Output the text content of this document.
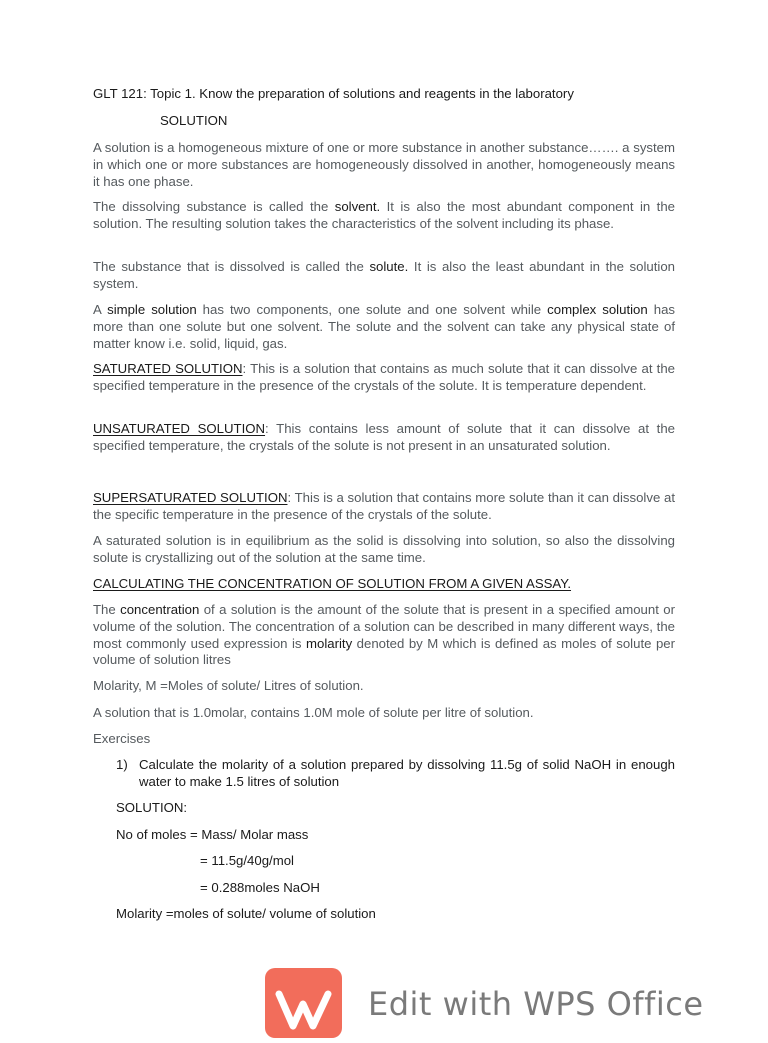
GLT 121: Topic 1. Know the preparation of solutions and reagents in the laboratory

SOLUTION

A solution is a homogeneous mixture of one or more substance in another substance……. a system in which one or more substances are homogeneously dissolved in another, homogeneously means it has one phase.

The dissolving substance is called the solvent. It is also the most abundant component in the solution. The resulting solution takes the characteristics of the solvent including its phase.

The substance that is dissolved is called the solute. It is also the least abundant in the solution system.

A simple solution has two components, one solute and one solvent while complex solution has more than one solute but one solvent. The solute and the solvent can take any physical state of matter know i.e. solid, liquid, gas.

SATURATED SOLUTION: This is a solution that contains as much solute that it can dissolve at the specified temperature in the presence of the crystals of the solute. It is temperature dependent.

UNSATURATED SOLUTION: This contains less amount of solute that it can dissolve at the specified temperature, the crystals of the solute is not present in an unsaturated solution.

SUPERSATURATED SOLUTION: This is a solution that contains more solute than it can dissolve at the specific temperature in the presence of the crystals of the solute.

A saturated solution is in equilibrium as the solid is dissolving into solution, so also the dissolving solute is crystallizing out of the solution at the same time.

CALCULATING THE CONCENTRATION OF SOLUTION FROM A GIVEN ASSAY.

The concentration of a solution is the amount of the solute that is present in a specified amount or volume of the solution. The concentration of a solution can be described in many different ways, the most commonly used expression is molarity denoted by M which is defined as moles of solute per volume of solution litres

Molarity, M =Moles of solute/ Litres of solution.

A solution that is 1.0molar, contains 1.0M mole of solute per litre of solution.

Exercises

1) Calculate the molarity of a solution prepared by dissolving 11.5g of solid NaOH in enough water to make 1.5 litres of solution

SOLUTION:

No of moles = Mass/ Molar mass

= 11.5g/40g/mol

= 0.288moles NaOH

Molarity =moles of solute/ volume of solution

Edit with WPS Office
